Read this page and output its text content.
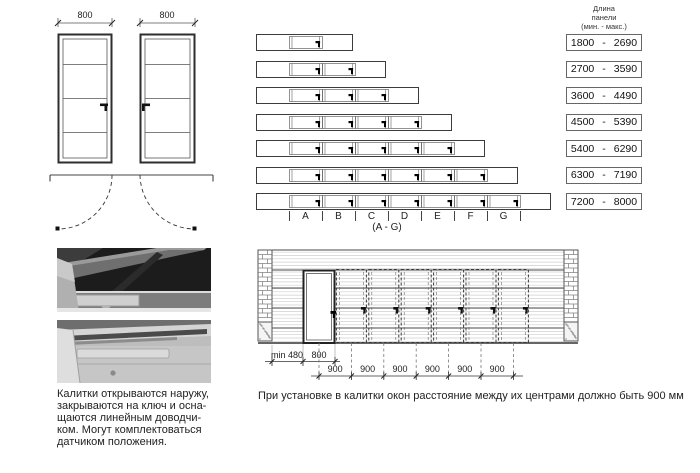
800	800
A	B	C	D	E	F	G
(A - G)
Длина
панели
(мин. - макс.)
1800 - 2690
2700 - 3590
3600 - 4490
4500 - 5390
5400 - 6290
6300 - 7190
7200 - 8000
min 480 800
900	900	900	900	900	900
Калитки открываются наружу,
закрываются на ключ и осна-
щаются линейным доводчи-
ком. Могут комплектоваться
датчиком положения.
При установке в калитки окон расстояние между их центрами должно быть 900 мм
